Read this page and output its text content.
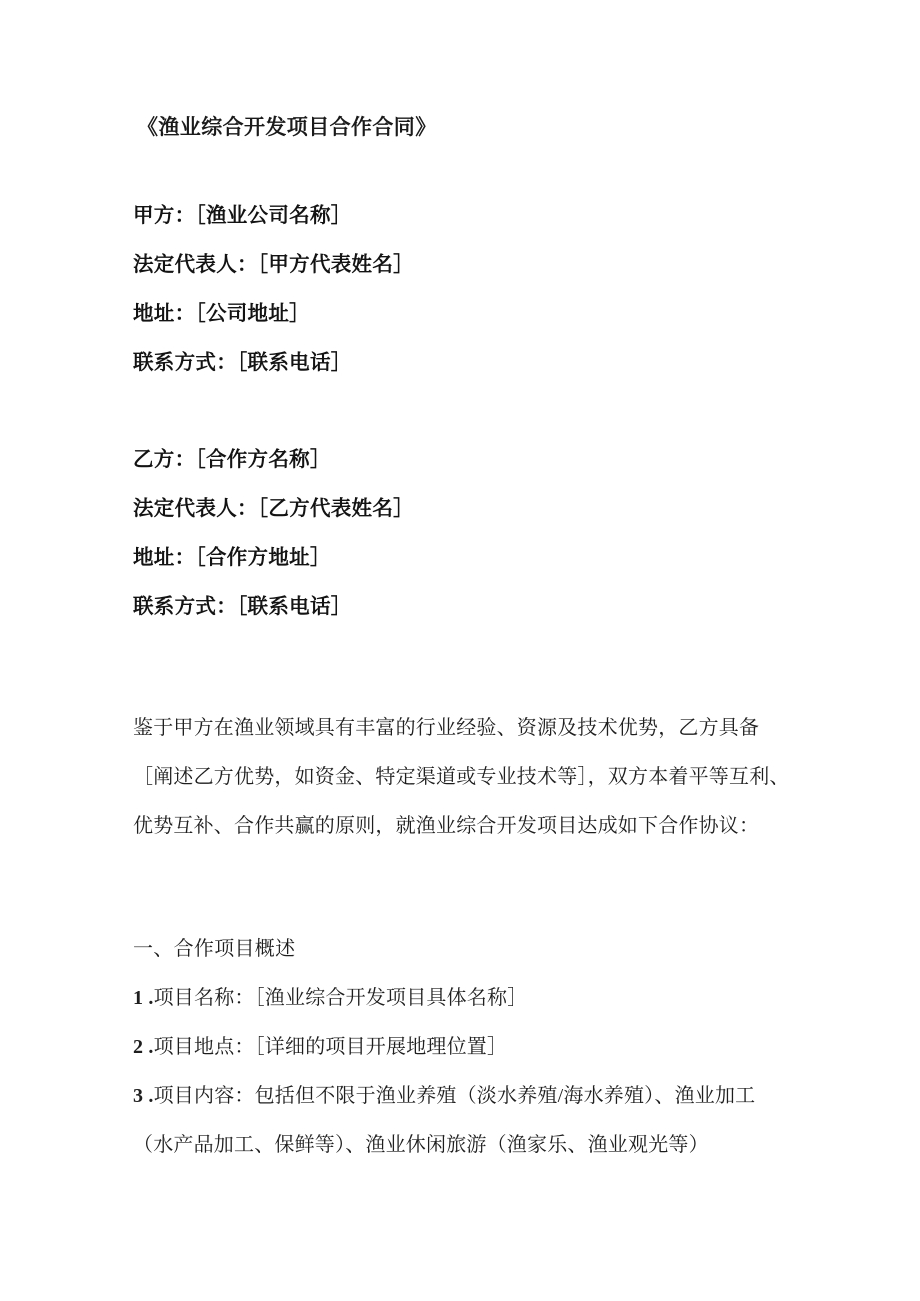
《渔业综合开发项目合作合同》
甲方：［渔业公司名称］
法定代表人：［甲方代表姓名］
地址：［公司地址］
联系方式：［联系电话］
乙方：［合作方名称］
法定代表人：［乙方代表姓名］
地址：［合作方地址］
联系方式：［联系电话］

鉴于甲方在渔业领域具有丰富的行业经验、资源及技术优势，乙方具备［阐述乙方优势，如资金、特定渠道或专业技术等］，双方本着平等互利、优势互补、合作共赢的原则，就渔业综合开发项目达成如下合作协议：

一、合作项目概述
1 .项目名称：［渔业综合开发项目具体名称］
2 .项目地点：［详细的项目开展地理位置］
3 .项目内容：包括但不限于渔业养殖（淡水养殖/海水养殖）、渔业加工（水产品加工、保鲜等）、渔业休闲旅游（渔家乐、渔业观光等）
